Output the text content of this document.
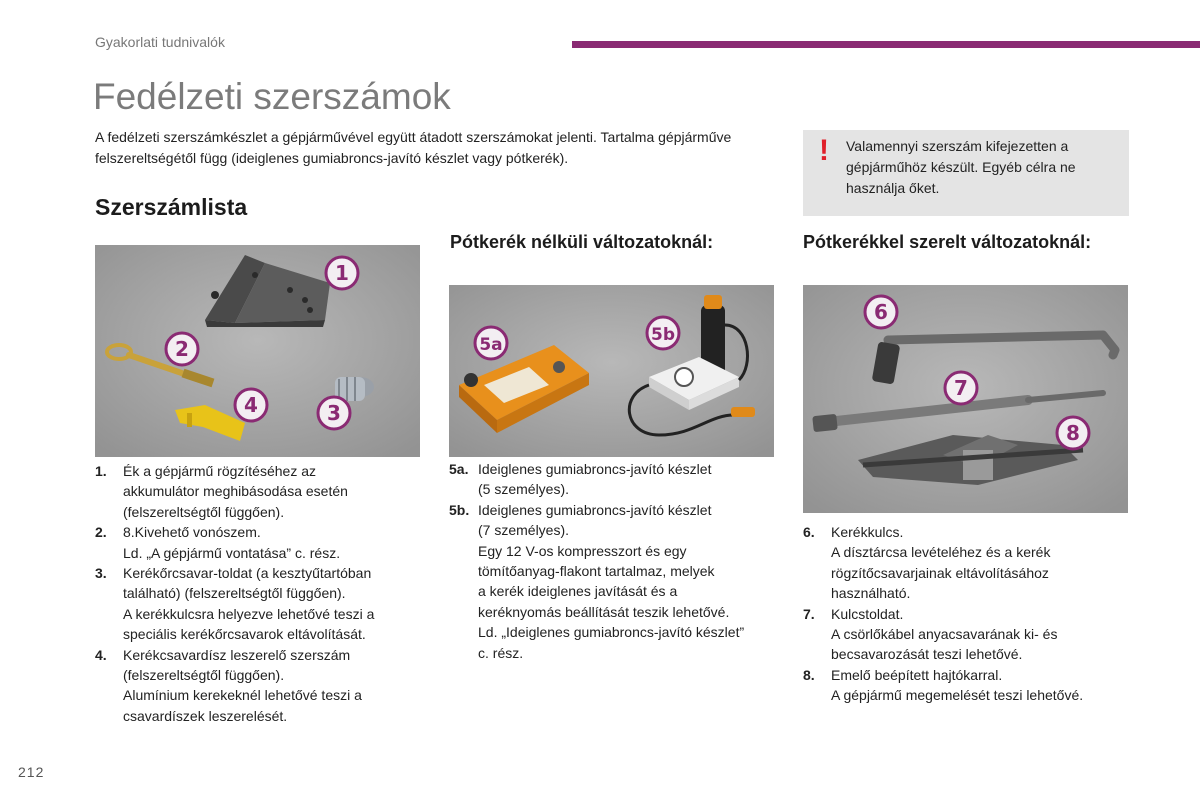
Gyakorlati tudnivalók
Fedélzeti szerszámok

A fedélzeti szerszámkészlet a gépjárművével együtt átadott szerszámokat jelenti. Tartalma gépjárműve felszereltségétől függ (ideiglenes gumiabroncs-javító készlet vagy pótkerék).	! Valamennyi szerszám kifejezetten a gépjárműhöz készült. Egyéb célra ne használja őket.
Szerszámlista
Pótkerék nélküli változatoknál:	Pótkerékkel szerelt változatoknál:
1
2
3
4
5a	5b
6
7
8
1. Ék a gépjármű rögzítéséhez az
akkumulátor meghibásodása esetén
(felszereltségtől függően).
2. 8.Kivehető vonószem.
Ld. „A gépjármű vontatása” c. rész.
3. Kerékőrcsavar-toldat (a kesztyűtartóban
található) (felszereltségtől függően).
A kerékkulcsra helyezve lehetővé teszi a
speciális kerékőrcsavarok eltávolítását.
4. Kerékcsavardísz leszerelő szerszám
(felszereltségtől függően).
Alumínium kerekeknél lehetővé teszi a
csavardíszek leszerelését.
5a. Ideiglenes gumiabroncs-javító készlet
(5 személyes).
5b. Ideiglenes gumiabroncs-javító készlet
(7 személyes).
Egy 12 V-os kompresszort és egy
tömítőanyag-flakont tartalmaz, melyek
a kerék ideiglenes javítását és a
keréknyomás beállítását teszik lehetővé.
Ld. „Ideiglenes gumiabroncs-javító készlet”
c. rész.
6. Kerékkulcs.
A dísztárcsa levételéhez és a kerék
rögzítőcsavarjainak eltávolításához
használható.
7. Kulcstoldat.
A csörlőkábel anyacsavarának ki- és
becsavarozását teszi lehetővé.
8. Emelő beépített hajtókarral.
A gépjármű megemelését teszi lehetővé.
212
